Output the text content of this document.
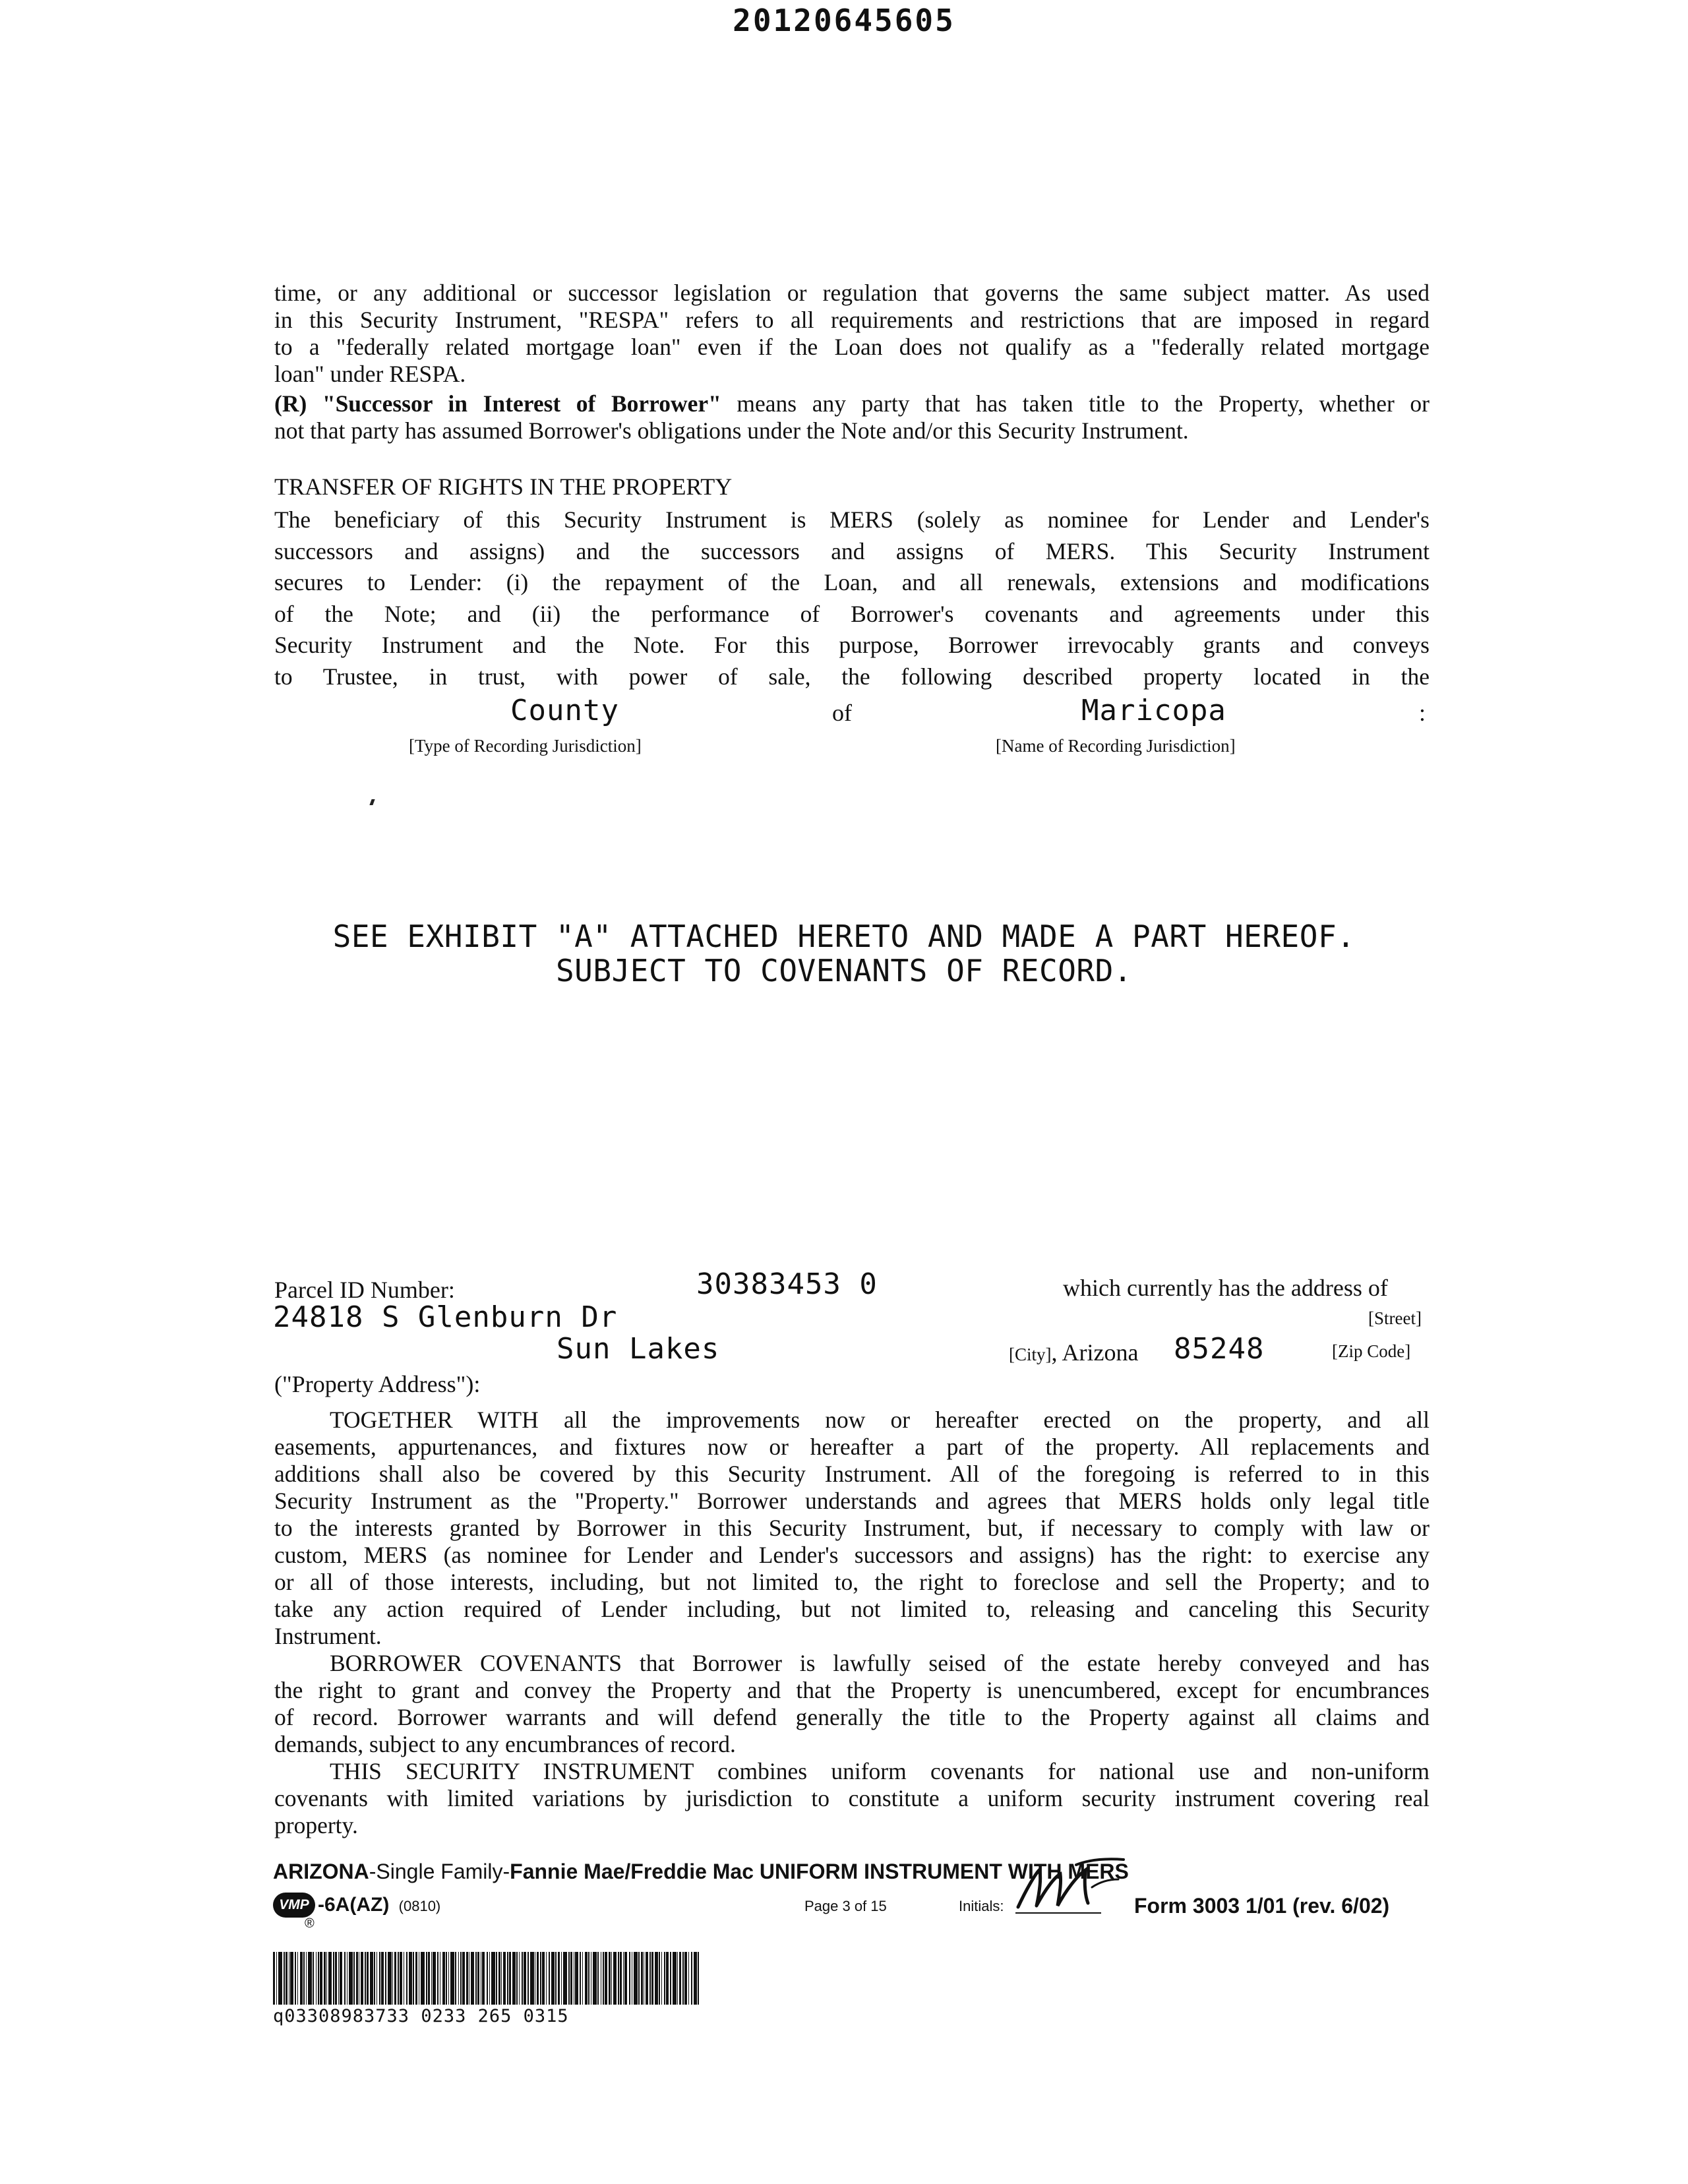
20120645605
time, or any additional or successor legislation or regulation that governs the same subject matter. As used
in this Security Instrument, "RESPA" refers to all requirements and restrictions that are imposed in regard
to a "federally related mortgage loan" even if the Loan does not qualify as a "federally related mortgage
loan" under RESPA.
(R) "Successor in Interest of Borrower" means any party that has taken title to the Property, whether or
not that party has assumed Borrower's obligations under the Note and/or this Security Instrument.
TRANSFER OF RIGHTS IN THE PROPERTY
The beneficiary of this Security Instrument is MERS (solely as nominee for Lender and Lender's
successors and assigns) and the successors and assigns of MERS. This Security Instrument
secures to Lender: (i) the repayment of the Loan, and all renewals, extensions and modifications
of the Note; and (ii) the performance of Borrower's covenants and agreements under this
Security Instrument and the Note. For this purpose, Borrower irrevocably grants and conveys
to Trustee, in trust, with power of sale, the following described property located in the
County	of	Maricopa	:
[Type of Recording Jurisdiction]	[Name of Recording Jurisdiction]
SEE EXHIBIT "A" ATTACHED HERETO AND MADE A PART HEREOF.
SUBJECT TO COVENANTS OF RECORD.
Parcel ID Number:	30383453 0	which currently has the address of
24818 S Glenburn Dr	[Street]
Sun Lakes	[City], Arizona 85248	[Zip Code]
("Property Address"):
TOGETHER WITH all the improvements now or hereafter erected on the property, and all
easements, appurtenances, and fixtures now or hereafter a part of the property. All replacements and
additions shall also be covered by this Security Instrument. All of the foregoing is referred to in this
Security Instrument as the "Property." Borrower understands and agrees that MERS holds only legal title
to the interests granted by Borrower in this Security Instrument, but, if necessary to comply with law or
custom, MERS (as nominee for Lender and Lender's successors and assigns) has the right: to exercise any
or all of those interests, including, but not limited to, the right to foreclose and sell the Property; and to
take any action required of Lender including, but not limited to, releasing and canceling this Security
Instrument.
BORROWER COVENANTS that Borrower is lawfully seised of the estate hereby conveyed and has
the right to grant and convey the Property and that the Property is unencumbered, except for encumbrances
of record. Borrower warrants and will defend generally the title to the Property against all claims and
demands, subject to any encumbrances of record.
THIS SECURITY INSTRUMENT combines uniform covenants for national use and non-uniform
covenants with limited variations by jurisdiction to constitute a uniform security instrument covering real
property.
ARIZONA-Single Family-Fannie Mae/Freddie Mac UNIFORM INSTRUMENT WITH MERS
VMP
®
-6A(AZ) (0810)	Page 3 of 15	Initials:	Form 3003 1/01 (rev. 6/02)
q03308983733 0233 265 0315
